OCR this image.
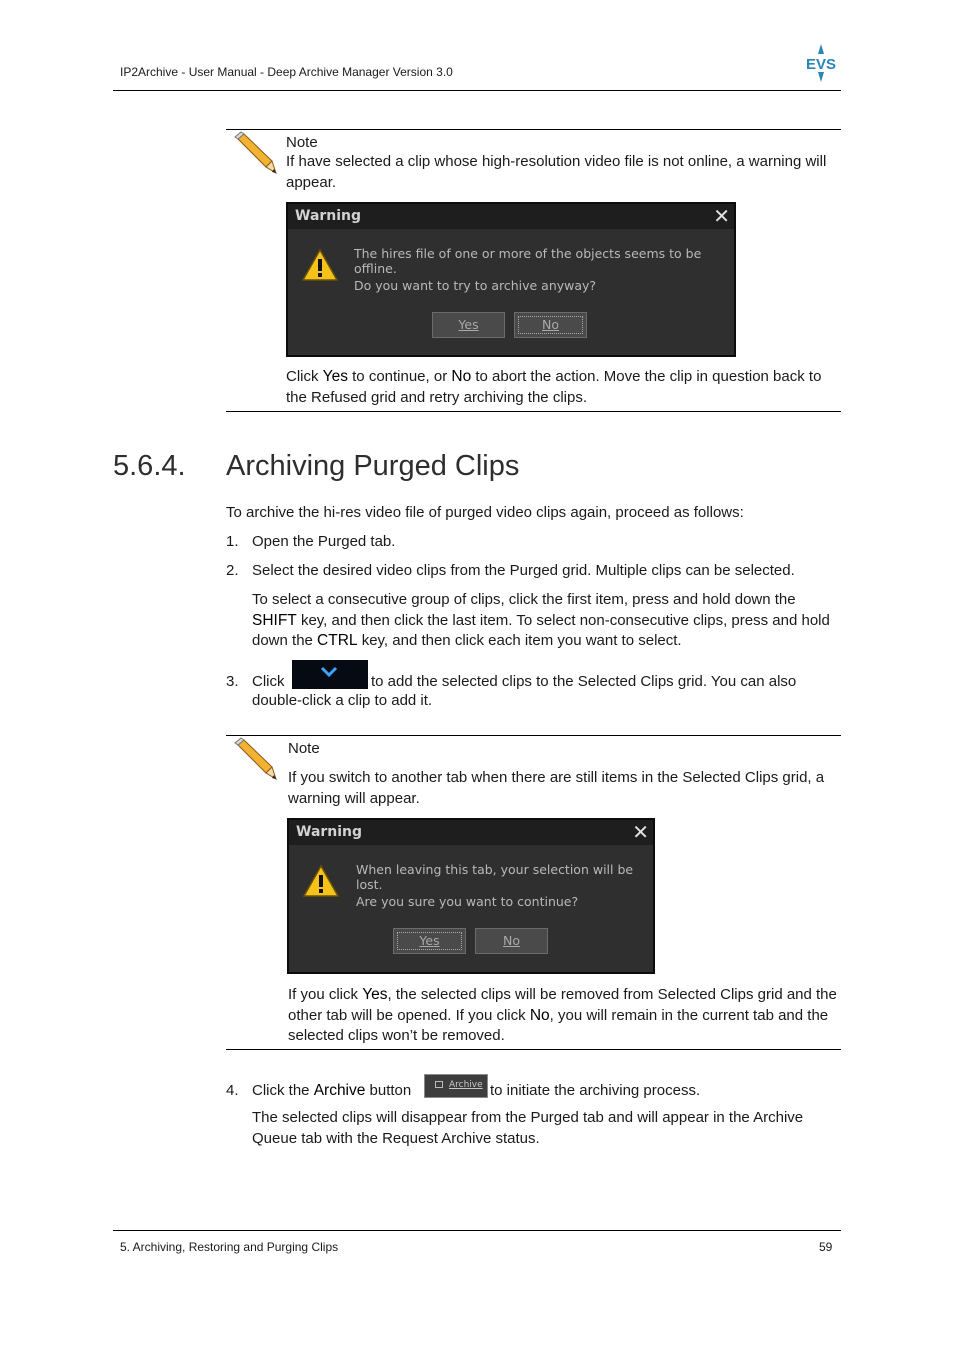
IP2Archive - User Manual - Deep Archive Manager Version 3.0	EVS
Note
If have selected a clip whose high-resolution video file is not online, a warning will appear.
Warning	✕
The hires file of one or more of the objects seems to be offline.
Do you want to try to archive anyway?
Yes	No
Click Yes to continue, or No to abort the action. Move the clip in question back to the Refused grid and retry archiving the clips.
5.6.4. Archiving Purged Clips
To archive the hi-res video file of purged video clips again, proceed as follows:
1. Open the Purged tab.
2. Select the desired video clips from the Purged grid. Multiple clips can be selected.
To select a consecutive group of clips, click the first item, press and hold down the SHIFT key, and then click the last item. To select non-consecutive clips, press and hold down the CTRL key, and then click each item you want to select.
3. Click	to add the selected clips to the Selected Clips grid. You can also
double-click a clip to add it.
Note
If you switch to another tab when there are still items in the Selected Clips grid, a warning will appear.
Warning	✕
When leaving this tab, your selection will be lost.
Are you sure you want to continue?
Yes	No
If you click Yes, the selected clips will be removed from Selected Clips grid and the other tab will be opened. If you click No, you will remain in the current tab and the selected clips won’t be removed.
4. Click the Archive button	Archive to initiate the archiving process.
The selected clips will disappear from the Purged tab and will appear in the Archive Queue tab with the Request Archive status.
5. Archiving, Restoring and Purging Clips	59
